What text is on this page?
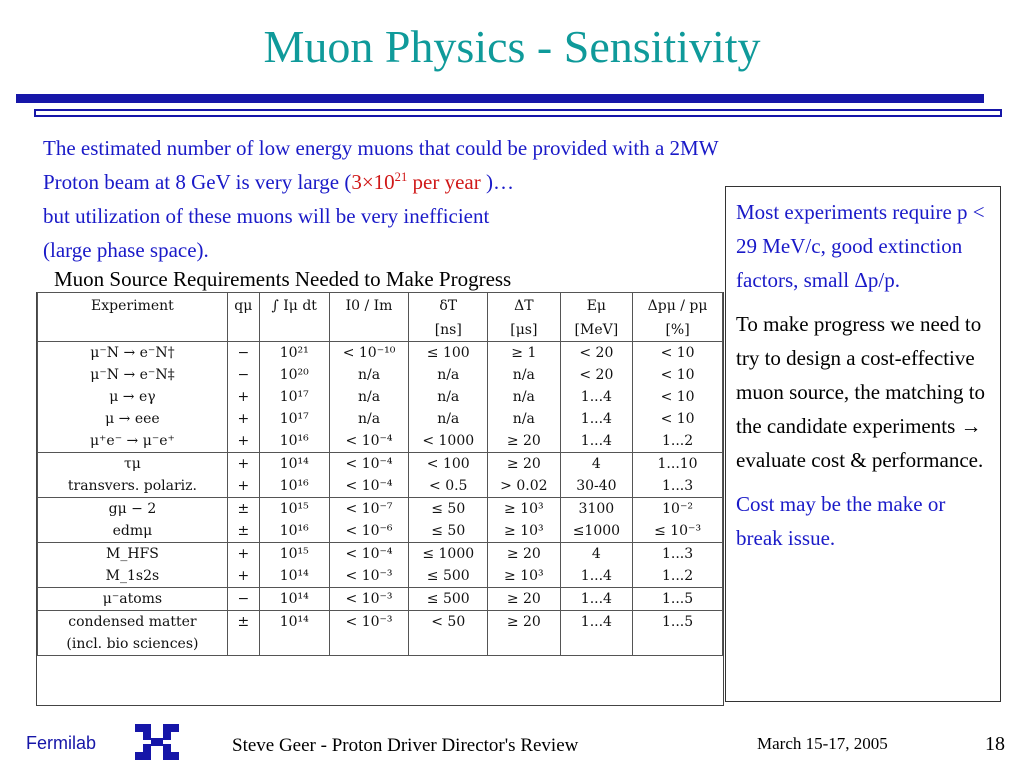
Muon Physics - Sensitivity
The estimated number of low energy muons that could be provided with a 2MW
Proton beam at 8 GeV is very large ($3\times 10^{21}$ per year )…
but utilization of these muons will be very inefficient
(large phase space).
Muon Source Requirements Needed to Make Progress
Experiment	qμ	∫ Iμ dt	I0 / Im	δT	ΔT	Eμ	Δpμ / pμ
				[ns]	[μs]	[MeV]	[%]
μ⁻N → e⁻N†	−	10²¹	< 10⁻¹⁰	≤ 100	≥ 1	< 20	< 10
μ⁻N → e⁻N‡	−	10²⁰	n/a	n/a	n/a	< 20	< 10
μ → eγ	+	10¹⁷	n/a	n/a	n/a	1...4	< 10
μ → eee	+	10¹⁷	n/a	n/a	n/a	1...4	< 10
μ⁺e⁻ → μ⁻e⁺	+	10¹⁶	< 10⁻⁴	< 1000	≥ 20	1...4	1...2
τμ	+	10¹⁴	< 10⁻⁴	< 100	≥ 20	4	1...10
transvers. polariz.	+	10¹⁶	< 10⁻⁴	< 0.5	> 0.02	30-40	1...3
gμ − 2	±	10¹⁵	< 10⁻⁷	≤ 50	≥ 10³	3100	10⁻²
edmμ	±	10¹⁶	< 10⁻⁶	≤ 50	≥ 10³	≤1000	≤ 10⁻³
M_HFS	+	10¹⁵	< 10⁻⁴	≤ 1000	≥ 20	4	1...3
M_1s2s	+	10¹⁴	< 10⁻³	≤ 500	≥ 10³	1...4	1...2
μ⁻atoms	−	10¹⁴	< 10⁻³	≤ 500	≥ 20	1...4	1...5
condensed matter	±	10¹⁴	< 10⁻³	< 50	≥ 20	1...4	1...5
(incl. bio sciences)							

Most experiments require p < 29 MeV/c, good extinction factors, small Δp/p.

To make progress we need to try to design a cost-effective muon source, the matching to the candidate experiments → evaluate cost & performance.

Cost may be the make or break issue.

Fermilab	Steve Geer - Proton Driver Director's Review	March 15-17, 2005	18
